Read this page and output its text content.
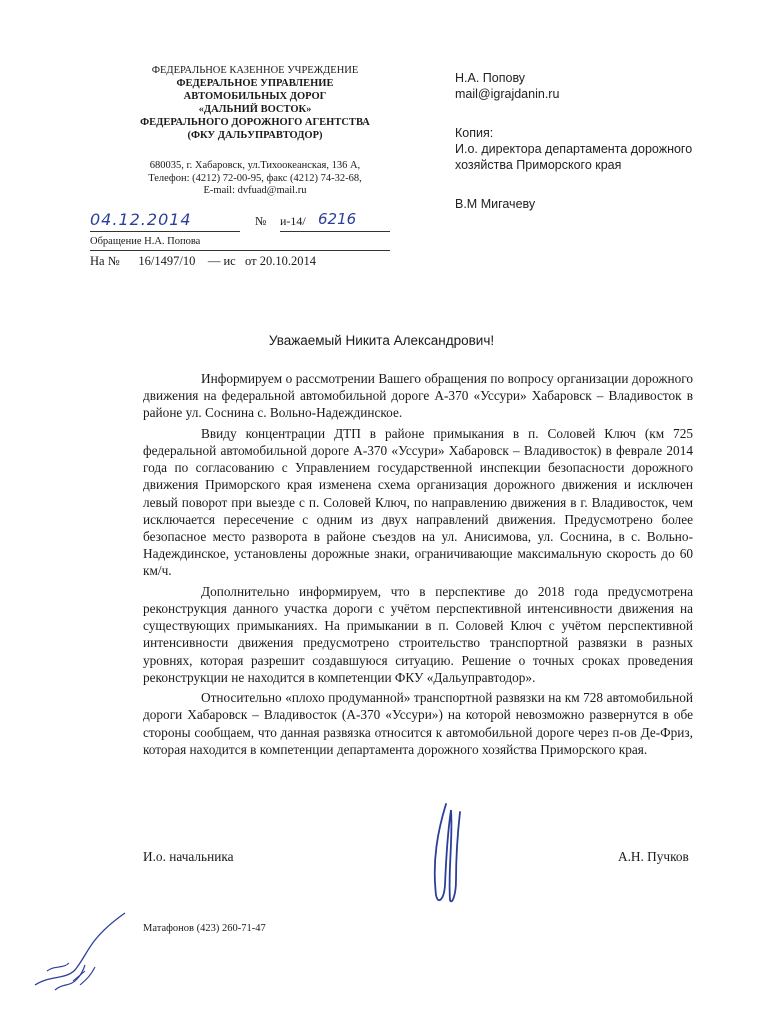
ФЕДЕРАЛЬНОЕ КАЗЕННОЕ УЧРЕЖДЕНИЕ
ФЕДЕРАЛЬНОЕ УПРАВЛЕНИЕ
АВТОМОБИЛЬНЫХ ДОРОГ
«ДАЛЬНИЙ ВОСТОК»
ФЕДЕРАЛЬНОГО ДОРОЖНОГО АГЕНТСТВА
(ФКУ ДАЛЬУПРАВТОДОР)
680035, г. Хабаровск, ул.Тихоокеанская, 136 А,
Телефон: (4212) 72-00-95, факс (4212) 74-32-68,
E-mail: dvfuad@mail.ru
04.12.2014	№ и-14/ 6216
Обращение Н.А. Попова
На №      16/1497/10    — ис   от 20.10.2014
Н.А. Попову
mail@igrajdanin.ru
Копия:
И.о. директора департамента дорожного
хозяйства Приморского края
В.М Мигачеву
Уважаемый Никита Александрович!

Информируем о рассмотрении Вашего обращения по вопросу организации дорожного движения на федеральной автомобильной дороге А-370 «Уссури» Хабаровск – Владивосток в районе ул. Соснина с. Вольно-Надеждинское.

Ввиду концентрации ДТП в районе примыкания в п. Соловей Ключ (км 725 федеральной автомобильной дороге А-370 «Уссури» Хабаровск – Владивосток) в феврале 2014 года по согласованию с Управлением государственной инспекции безопасности дорожного движения Приморского края изменена схема организация дорожного движения и исключен левый поворот при выезде с п. Соловей Ключ, по направлению движения в г. Владивосток, чем исключается пересечение с одним из двух направлений движения. Предусмотрено более безопасное место разворота в районе съездов на ул. Анисимова, ул. Соснина, в с. Вольно-Надеждинское, установлены дорожные знаки, ограничивающие максимальную скорость до 60 км/ч.

Дополнительно информируем, что в перспективе до 2018 года предусмотрена реконструкция данного участка дороги с учётом перспективной интенсивности движения на существующих примыканиях. На примыкании в п. Соловей Ключ с учётом перспективной интенсивности движения предусмотрено строительство транспортной развязки в разных уровнях, которая разрешит создавшуюся ситуацию. Решение о точных сроках проведения реконструкции не находится в компетенции ФКУ «Дальуправтодор».

Относительно «плохо продуманной» транспортной развязки на км 728 автомобильной дороги Хабаровск – Владивосток (А-370 «Уссури») на которой невозможно развернутся в обе стороны сообщаем, что данная развязка относится к автомобильной дороге через п-ов Де-Фриз, которая находится в компетенции департамента дорожного хозяйства Приморского края.

И.о. начальника	А.Н. Пучков
Матафонов (423) 260-71-47
